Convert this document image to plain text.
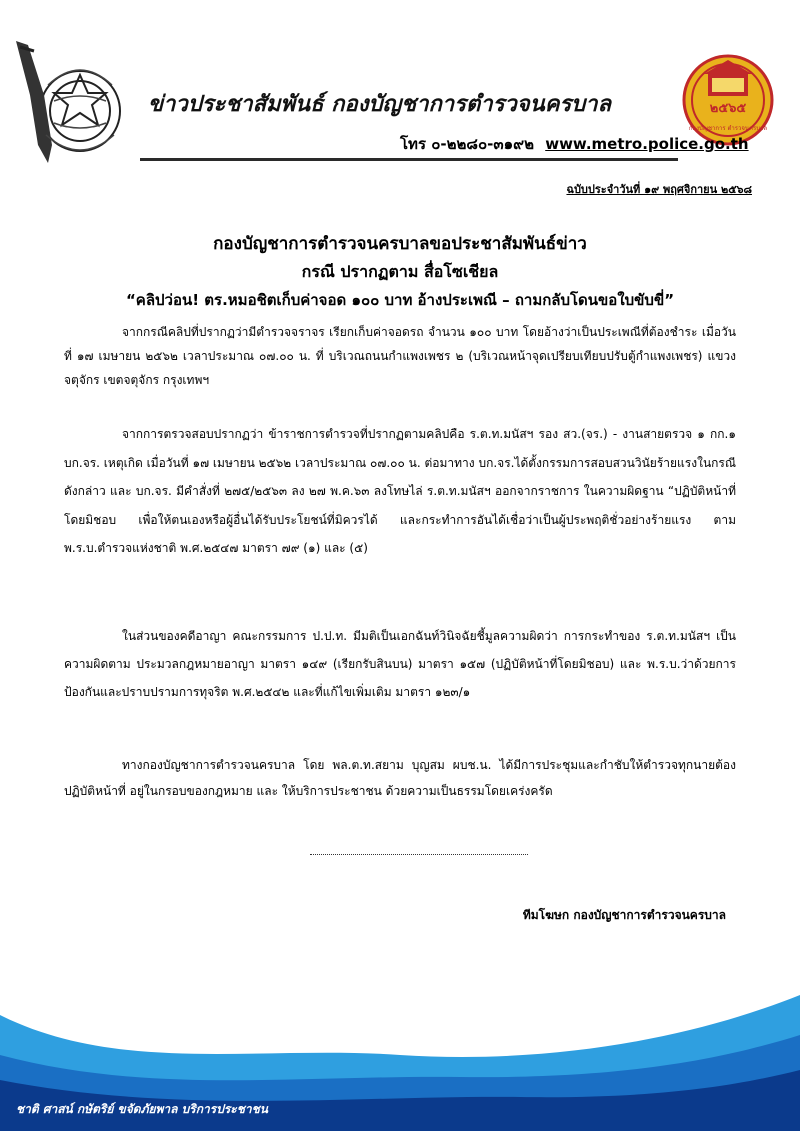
๒๕๖๕
กองบัญชาการ ตำรวจนครบาล
ข่าวประชาสัมพันธ์ กองบัญชาการตำรวจนครบาล
โทร ๐-๒๒๘๐-๓๑๙๒ www.metro.police.go.th
ฉบับประจำวันที่ ๑๙ พฤศจิกายน ๒๕๖๘
กองบัญชาการตำรวจนครบาลขอประชาสัมพันธ์ข่าว
กรณี ปรากฏตาม สื่อโซเชียล
“คลิปว่อน! ตร.หมอชิตเก็บค่าจอด ๑๐๐ บาท อ้างประเพณี – ถามกลับโดนขอใบขับขี่”

จากกรณีคลิปที่ปรากฏว่ามีตำรวจจราจร เรียกเก็บค่าจอดรถ จำนวน ๑๐๐ บาท โดยอ้างว่าเป็นประเพณีที่ต้องชำระ เมื่อวันที่ ๑๗ เมษายน ๒๕๖๒ เวลาประมาณ ๐๗.๐๐ น. ที่ บริเวณถนนกำแพงเพชร ๒ (บริเวณหน้าจุดเปรียบเทียบปรับตู้กำแพงเพชร) แขวงจตุจักร เขตจตุจักร กรุงเทพฯ

จากการตรวจสอบปรากฏว่า ข้าราชการตำรวจที่ปรากฏตามคลิปคือ ร.ต.ท.มนัสฯ รอง สว.(จร.) - งานสายตรวจ ๑ กก.๑ บก.จร. เหตุเกิด เมื่อวันที่ ๑๗ เมษายน ๒๕๖๒ เวลาประมาณ ๐๗.๐๐ น. ต่อมาทาง บก.จร.ได้ตั้งกรรมการสอบสวนวินัยร้ายแรงในกรณีดังกล่าว และ บก.จร. มีคำสั่งที่ ๒๗๕/๒๕๖๓ ลง ๒๗ พ.ค.๖๓ ลงโทษไล่ ร.ต.ท.มนัสฯ ออกจากราชการ ในความผิดฐาน “ปฏิบัติหน้าที่โดยมิชอบ เพื่อให้ตนเองหรือผู้อื่นได้รับประโยชน์ที่มิควรได้ และกระทำการอันได้เชื่อว่าเป็นผู้ประพฤติชั่วอย่างร้ายแรง ตาม พ.ร.บ.ตำรวจแห่งชาติ พ.ศ.๒๕๔๗ มาตรา ๗๙ (๑) และ (๕)

ในส่วนของคดีอาญา คณะกรรมการ ป.ป.ท. มีมติเป็นเอกฉันท์วินิจฉัยชี้มูลความผิดว่า การกระทำของ ร.ต.ท.มนัสฯ เป็นความผิดตาม ประมวลกฎหมายอาญา มาตรา ๑๔๙ (เรียกรับสินบน) มาตรา ๑๕๗ (ปฏิบัติหน้าที่โดยมิชอบ) และ พ.ร.บ.ว่าด้วยการป้องกันและปราบปรามการทุจริต พ.ศ.๒๕๔๒ และที่แก้ไขเพิ่มเติม มาตรา ๑๒๓/๑

ทางกองบัญชาการตำรวจนครบาล โดย พล.ต.ท.สยาม บุญสม ผบช.น. ได้มีการประชุมและกำชับให้ตำรวจทุกนายต้องปฏิบัติหน้าที่ อยู่ในกรอบของกฎหมาย และ ให้บริการประชาชน ด้วยความเป็นธรรมโดยเคร่งครัด

ทีมโฆษก กองบัญชาการตำรวจนครบาล
ชาติ ศาสน์ กษัตริย์ ขจัดภัยพาล บริการประชาชน
